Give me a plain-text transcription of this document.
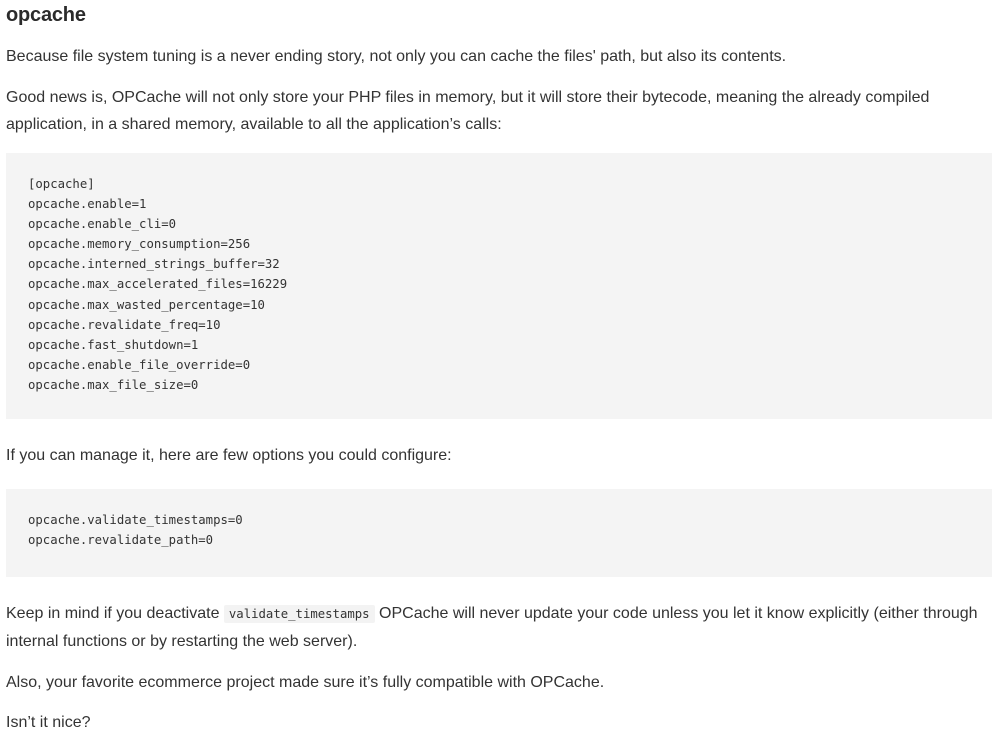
opcache

Because file system tuning is a never ending story, not only you can cache the files' path, but also its contents.

Good news is, OPCache will not only store your PHP files in memory, but it will store their bytecode, meaning the already compiled application, in a shared memory, available to all the application’s calls:

[opcache]
opcache.enable=1
opcache.enable_cli=0
opcache.memory_consumption=256
opcache.interned_strings_buffer=32
opcache.max_accelerated_files=16229
opcache.max_wasted_percentage=10
opcache.revalidate_freq=10
opcache.fast_shutdown=1
opcache.enable_file_override=0
opcache.max_file_size=0

If you can manage it, here are few options you could configure:

opcache.validate_timestamps=0
opcache.revalidate_path=0

Keep in mind if you deactivate validate_timestamps OPCache will never update your code unless you let it know explicitly (either through internal functions or by restarting the web server).

Also, your favorite ecommerce project made sure it’s fully compatible with OPCache.

Isn’t it nice?
